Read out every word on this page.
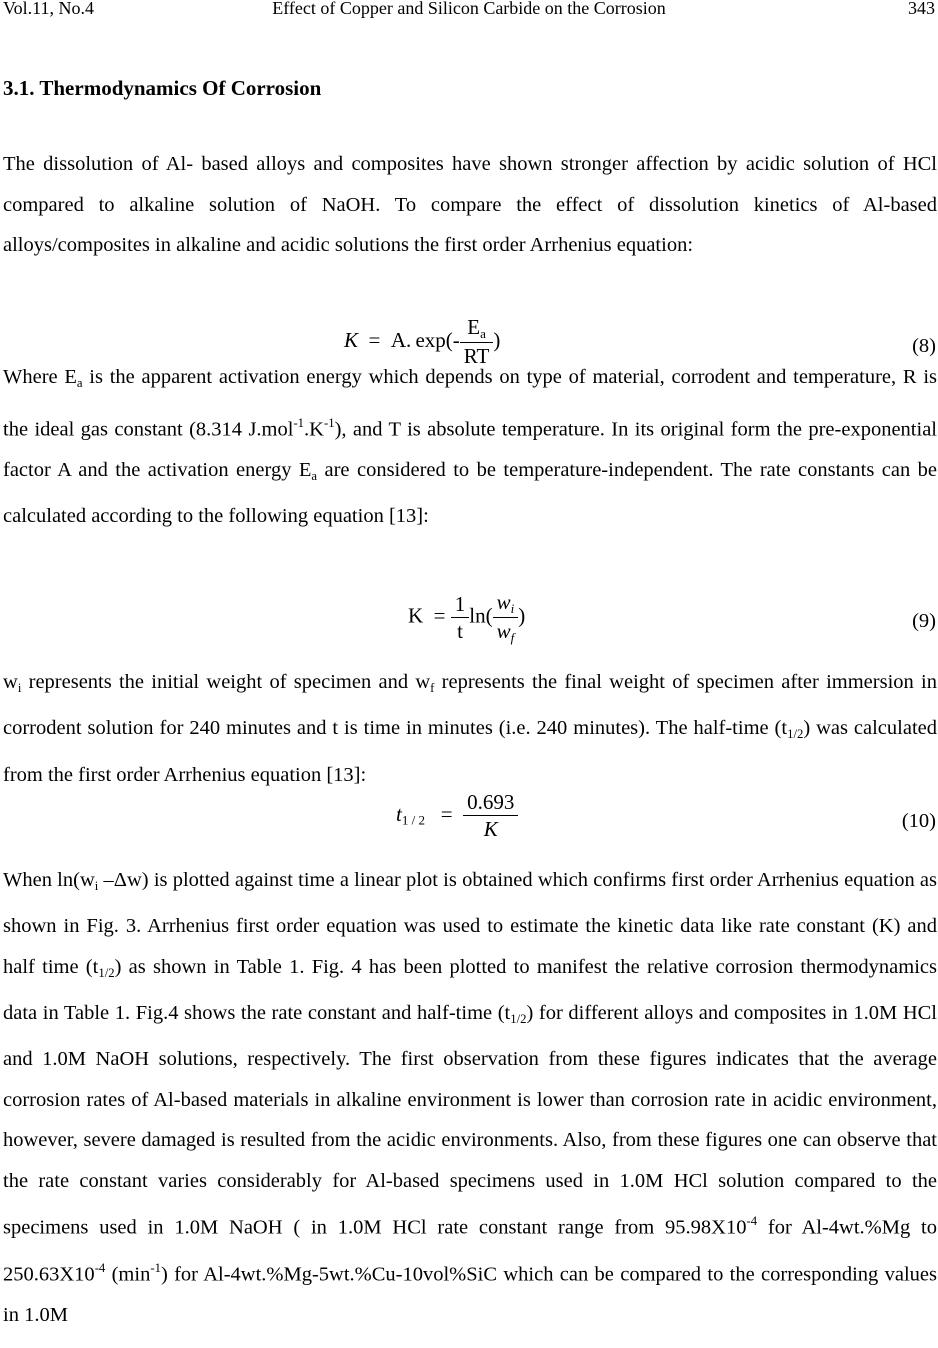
Vol.11, No.4	Effect of Copper and Silicon Carbide on the Corrosion	343
3.1. Thermodynamics Of Corrosion

The dissolution of Al- based alloys and composites have shown stronger affection by acidic solution of HCl compared to alkaline solution of NaOH. To compare the effect of dissolution kinetics of Al-based alloys/composites in alkaline and acidic solutions the first order Arrhenius equation:

K  =  A. $\exp(- \frac{E_a}{RT}$ )	(8)

Where $E_a$ is the apparent activation energy which depends on type of material, corrodent and temperature, R is the ideal gas constant (8.314 $J.mol^{-1}.K^{-1}$), and T is absolute temperature. In its original form the pre-exponential factor A and the activation energy $E_a$ are considered to be temperature-independent. The rate constants can be calculated according to the following equation [13]:

$K = \frac{1}{t} \ln( \frac{w_i}{w_f}$ )	(9)

$w_i$ represents the initial weight of specimen and $w_f$ represents the final weight of specimen after immersion in corrodent solution for 240 minutes and t is time in minutes (i.e. 240 minutes). The half-time $(t_{1/2})$ was calculated from the first order Arrhenius equation [13]:

$t_{1 / 2} = \frac{0.693}{K}$	(10)

When $\ln(w_i$ –Δw) is plotted against time a linear plot is obtained which confirms first order Arrhenius equation as shown in Fig. 3. Arrhenius first order equation was used to estimate the kinetic data like rate constant (K) and half time $(t_{1/2})$ as shown in Table 1. Fig. 4 has been plotted to manifest the relative corrosion thermodynamics data in Table 1. Fig.4 shows the rate constant and half-time $(t_{1/2})$ for different alloys and composites in 1.0M HCl and 1.0M NaOH solutions, respectively. The first observation from these figures indicates that the average corrosion rates of Al-based materials in alkaline environment is lower than corrosion rate in acidic environment, however, severe damaged is resulted from the acidic environments. Also, from these figures one can observe that the rate constant varies considerably for Al-based specimens used in 1.0M HCl solution compared to the specimens used in 1.0M NaOH ( in 1.0M HCl rate constant range from $95.98X10^{-4}$ for Al-4wt.%Mg to $250.63X10^{-4}$ $(\min^{-1})$ for Al-4wt.%Mg-5wt.%Cu-10vol%SiC which can be compared to the corresponding values in 1.0M
